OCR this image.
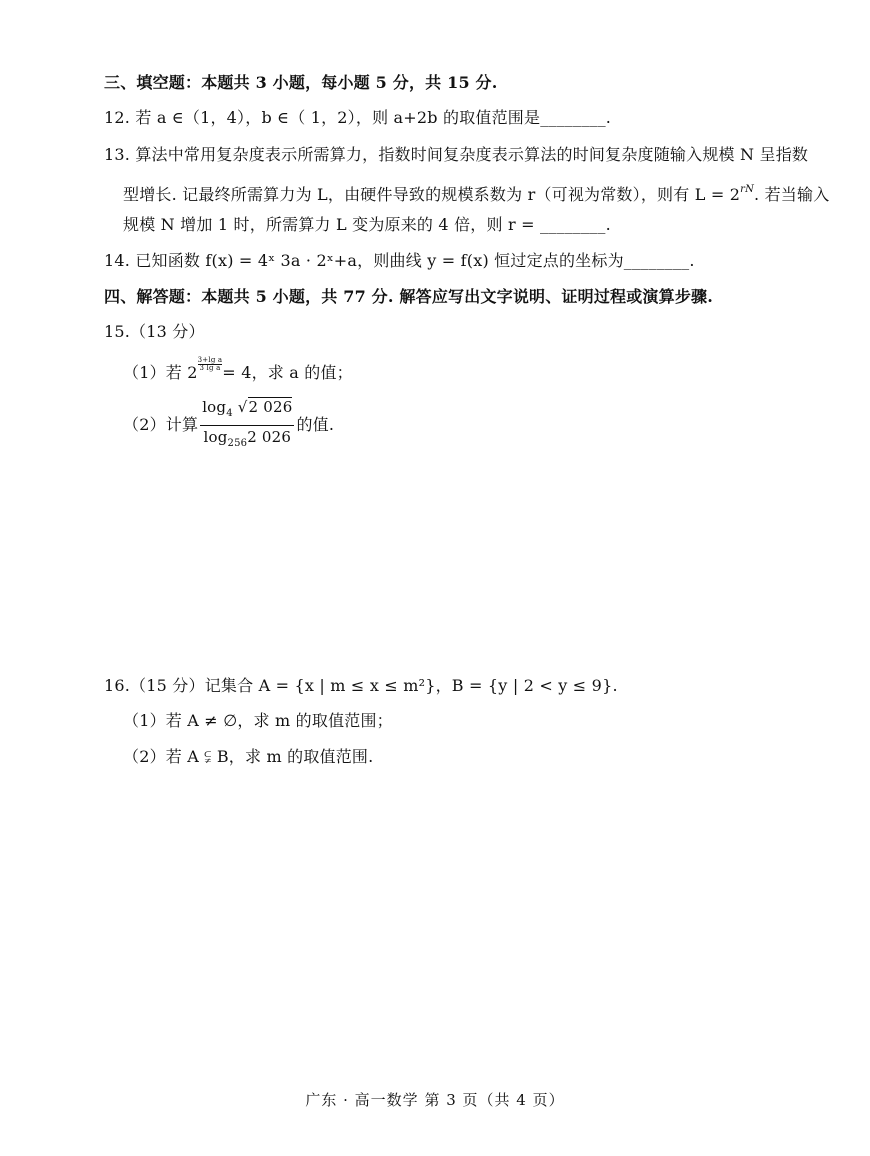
三、填空题：本题共 3 小题，每小题 5 分，共 15 分.
12. 若 a ∈（1，4），b ∈（ 1，2），则 a+2b 的取值范围是________.
13. 算法中常用复杂度表示所需算力，指数时间复杂度表示算法的时间复杂度随输入规模 N 呈指数
型增长. 记最终所需算力为 L，由硬件导致的规模系数为 r（可视为常数），则有 $L = 2^{rN}$. 若当输入
规模 N 增加 1 时，所需算力 L 变为原来的 4 倍，则 r = ________.
14. 已知函数 f(x) = 4ˣ 3a · 2ˣ+a，则曲线 y = f(x) 恒过定点的坐标为________.
四、解答题：本题共 5 小题，共 77 分. 解答应写出文字说明、证明过程或演算步骤.
15.（13 分）
（1）若 $2 \frac{\text{3+lg a}}{\text{3 lg a}} = 4$，求 a 的值；
（2）计算 $\frac{\log_4 √2 026}{\log_{256}2 026}$ 的值.
16.（15 分）记集合 A = {x | m ≤ x ≤ m²}，B = {y | 2 < y ≤ 9}.
（1）若 A ≠ ∅，求 m 的取值范围；
（2）若 A ⫋ B，求 m 的取值范围.
广东 · 高一数学 第 3 页（共 4 页）
